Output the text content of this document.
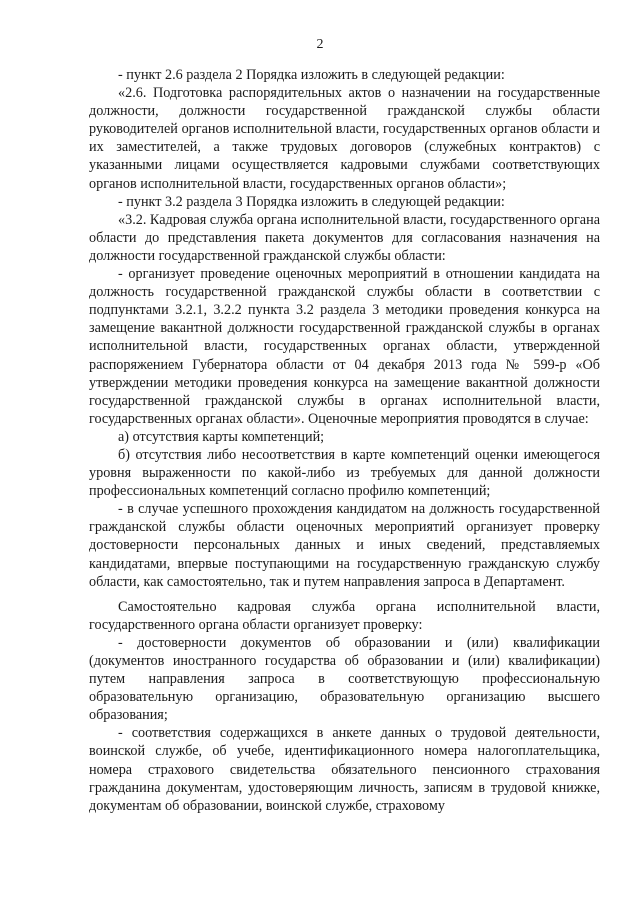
2

- пункт 2.6 раздела 2 Порядка изложить в следующей редакции:

«2.6. Подготовка распорядительных актов о назначении на государственные должности, должности государственной гражданской службы области руководителей органов исполнительной власти, государственных органов области и их заместителей, а также трудовых договоров (служебных контрактов) с указанными лицами осуществляется кадровыми службами соответствующих органов исполнительной власти, государственных органов области»;

- пункт 3.2 раздела 3 Порядка изложить в следующей редакции:

«3.2. Кадровая служба органа исполнительной власти, государственного органа области до представления пакета документов для согласования назначения на должности государственной гражданской службы области:

- организует проведение оценочных мероприятий в отношении кандидата на должность государственной гражданской службы области в соответствии с подпунктами 3.2.1, 3.2.2 пункта 3.2 раздела 3 методики проведения конкурса на замещение вакантной должности государственной гражданской службы в органах исполнительной власти, государственных органах области, утвержденной распоряжением Губернатора области от 04 декабря 2013 года № 599-р «Об утверждении методики проведения конкурса на замещение вакантной должности государственной гражданской службы в органах исполнительной власти, государственных органах области». Оценочные мероприятия проводятся в случае:

а) отсутствия карты компетенций;

б) отсутствия либо несоответствия в карте компетенций оценки имеющегося уровня выраженности по какой-либо из требуемых для данной должности профессиональных компетенций согласно профилю компетенций;

- в случае успешного прохождения кандидатом на должность государственной гражданской службы области оценочных мероприятий организует проверку достоверности персональных данных и иных сведений, представляемых кандидатами, впервые поступающими на государственную гражданскую службу области, как самостоятельно, так и путем направления запроса в Департамент.

Самостоятельно кадровая служба органа исполнительной власти, государственного органа области организует проверку:

- достоверности документов об образовании и (или) квалификации (документов иностранного государства об образовании и (или) квалификации) путем направления запроса в соответствующую профессиональную образовательную организацию, образовательную организацию высшего образования;

- соответствия содержащихся в анкете данных о трудовой деятельности, воинской службе, об учебе, идентификационного номера налогоплательщика, номера страхового свидетельства обязательного пенсионного страхования гражданина документам, удостоверяющим личность, записям в трудовой книжке, документам об образовании, воинской службе, страховому
